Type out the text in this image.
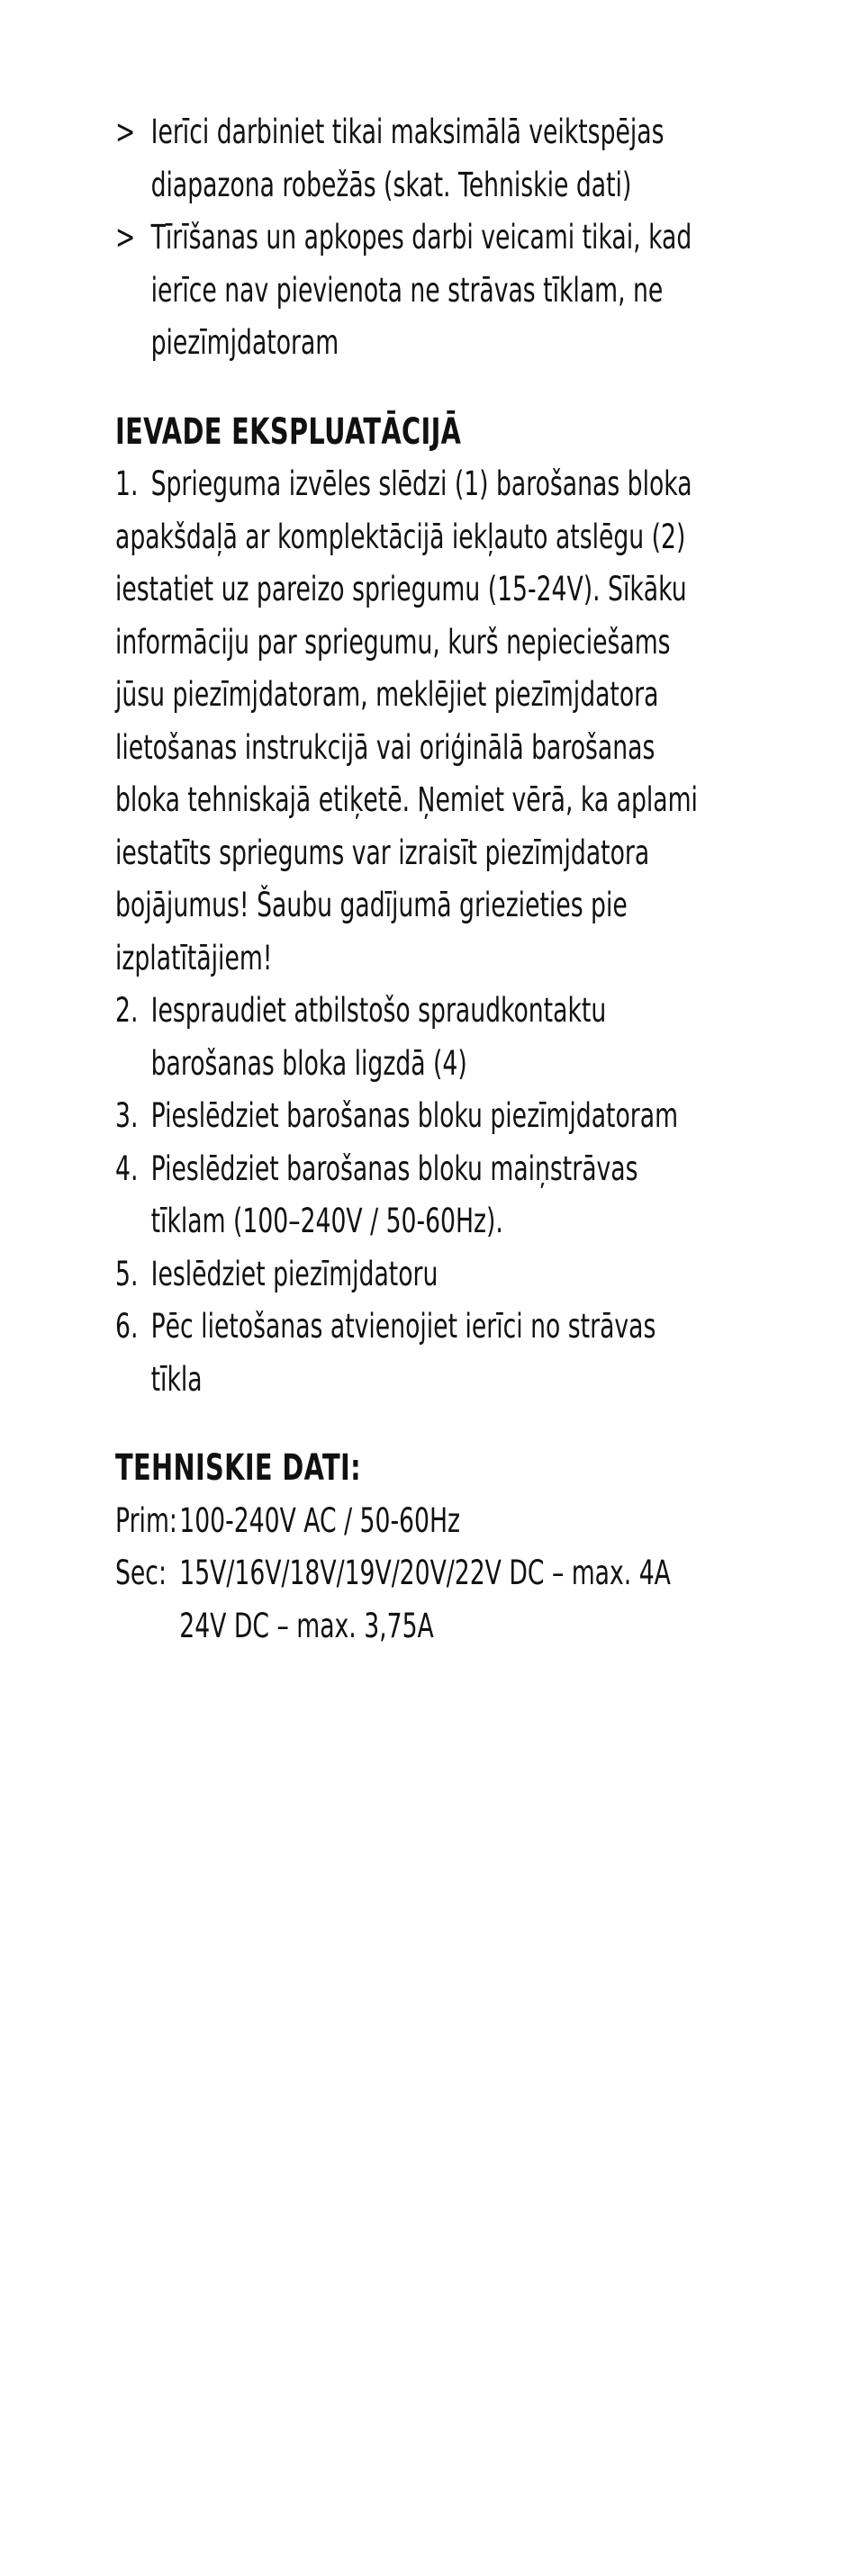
> Ierīci darbiniet tikai maksimālā veiktspējas
diapazona robežās (skat. Tehniskie dati)
> Tīrīšanas un apkopes darbi veicami tikai, kad
ierīce nav pievienota ne strāvas tīklam, ne
piezīmjdatoram
IEVADE EKSPLUATĀCIJĀ
1. Sprieguma izvēles slēdzi (1) barošanas bloka
apakšdaļā ar komplektācijā iekļauto atslēgu (2)
iestatiet uz pareizo spriegumu (15-24V). Sīkāku
informāciju par spriegumu, kurš nepieciešams
jūsu piezīmjdatoram, meklējiet piezīmjdatora
lietošanas instrukcijā vai oriģinālā barošanas
bloka tehniskajā etiķetē. Ņemiet vērā, ka aplami
iestatīts spriegums var izraisīt piezīmjdatora
bojājumus! Šaubu gadījumā griezieties pie
izplatītājiem!
2. Iespraudiet atbilstošo spraudkontaktu
barošanas bloka ligzdā (4)
3. Pieslēdziet barošanas bloku piezīmjdatoram
4. Pieslēdziet barošanas bloku maiņstrāvas
tīklam (100–240V / 50-60Hz).
5. Ieslēdziet piezīmjdatoru
6. Pēc lietošanas atvienojiet ierīci no strāvas
tīkla
TEHNISKIE DATI:
Prim: 100-240V AC / 50-60Hz
Sec: 15V/16V/18V/19V/20V/22V DC – max. 4A
24V DC – max. 3,75A
